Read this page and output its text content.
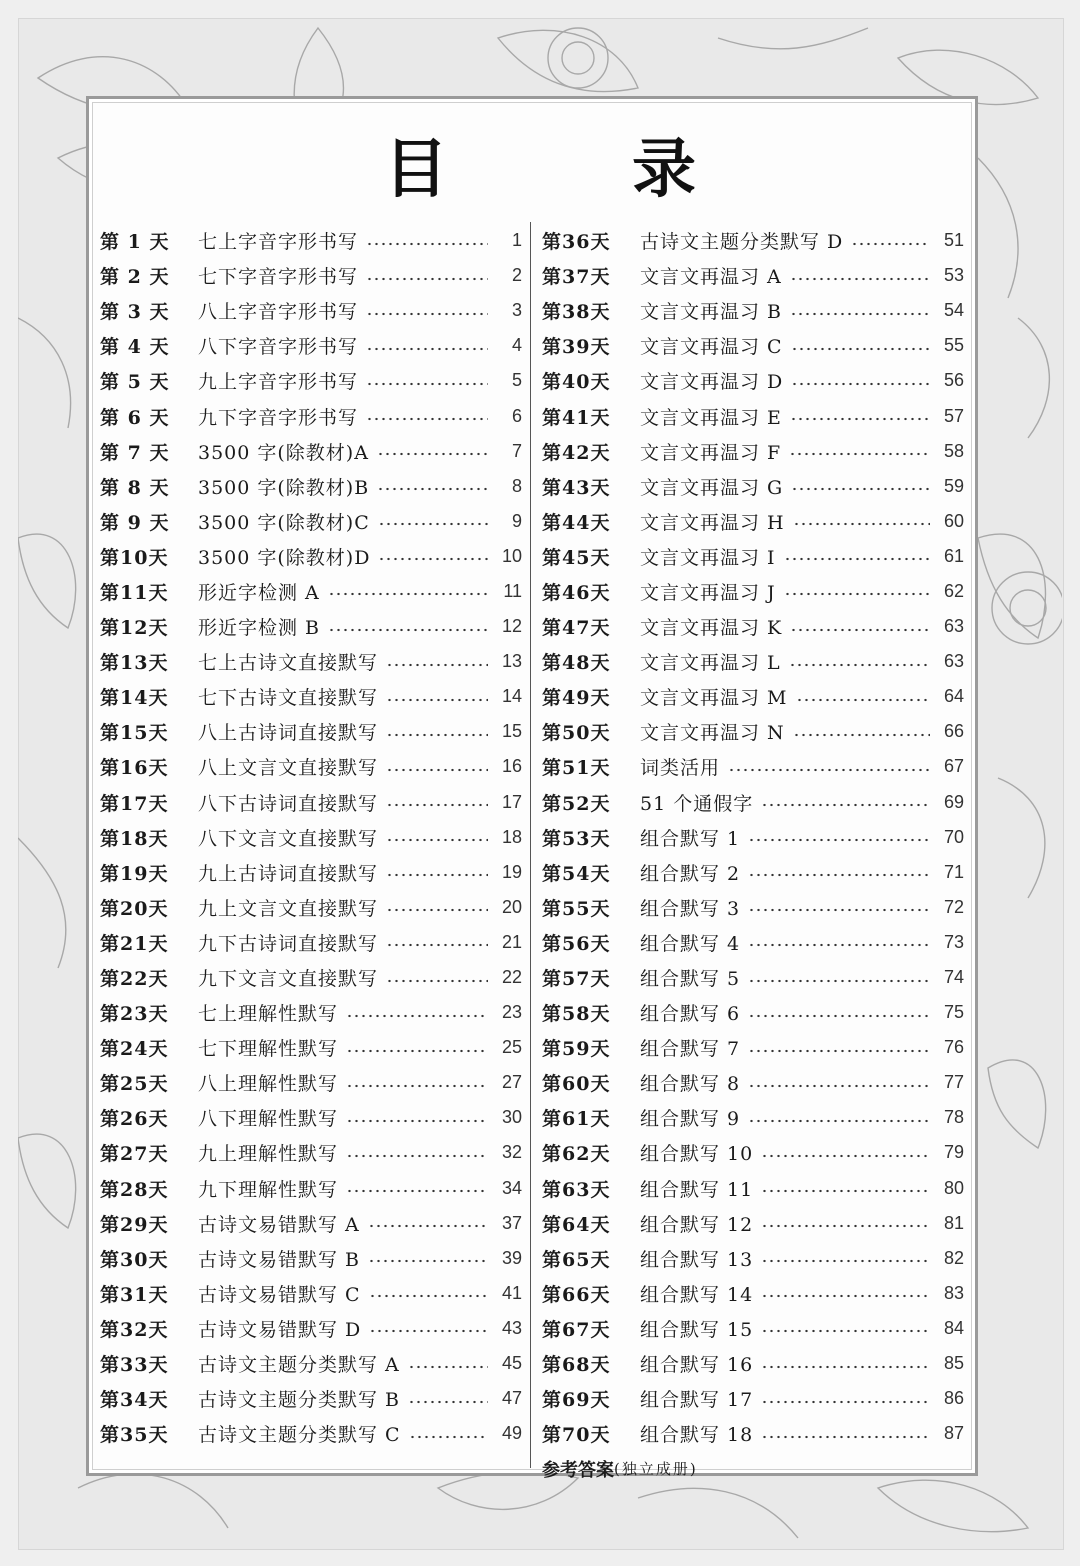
目　录
第 1 天	七上字音字形书写	1
第 2 天	七下字音字形书写	2
第 3 天	八上字音字形书写	3
第 4 天	八下字音字形书写	4
第 5 天	九上字音字形书写	5
第 6 天	九下字音字形书写	6
第 7 天	3500 字(除教材)A	7
第 8 天	3500 字(除教材)B	8
第 9 天	3500 字(除教材)C	9
第10天	3500 字(除教材)D	10
第11天	形近字检测 A	11
第12天	形近字检测 B	12
第13天	七上古诗文直接默写	13
第14天	七下古诗文直接默写	14
第15天	八上古诗词直接默写	15
第16天	八上文言文直接默写	16
第17天	八下古诗词直接默写	17
第18天	八下文言文直接默写	18
第19天	九上古诗词直接默写	19
第20天	九上文言文直接默写	20
第21天	九下古诗词直接默写	21
第22天	九下文言文直接默写	22
第23天	七上理解性默写	23
第24天	七下理解性默写	25
第25天	八上理解性默写	27
第26天	八下理解性默写	30
第27天	九上理解性默写	32
第28天	九下理解性默写	34
第29天	古诗文易错默写 A	37
第30天	古诗文易错默写 B	39
第31天	古诗文易错默写 C	41
第32天	古诗文易错默写 D	43
第33天	古诗文主题分类默写 A	45
第34天	古诗文主题分类默写 B	47
第35天	古诗文主题分类默写 C	49
第36天	古诗文主题分类默写 D	51
第37天	文言文再温习 A	53
第38天	文言文再温习 B	54
第39天	文言文再温习 C	55
第40天	文言文再温习 D	56
第41天	文言文再温习 E	57
第42天	文言文再温习 F	58
第43天	文言文再温习 G	59
第44天	文言文再温习 H	60
第45天	文言文再温习 I	61
第46天	文言文再温习 J	62
第47天	文言文再温习 K	63
第48天	文言文再温习 L	63
第49天	文言文再温习 M	64
第50天	文言文再温习 N	66
第51天	词类活用	67
第52天	51 个通假字	69
第53天	组合默写 1	70
第54天	组合默写 2	71
第55天	组合默写 3	72
第56天	组合默写 4	73
第57天	组合默写 5	74
第58天	组合默写 6	75
第59天	组合默写 7	76
第60天	组合默写 8	77
第61天	组合默写 9	78
第62天	组合默写 10	79
第63天	组合默写 11	80
第64天	组合默写 12	81
第65天	组合默写 13	82
第66天	组合默写 14	83
第67天	组合默写 15	84
第68天	组合默写 16	85
第69天	组合默写 17	86
第70天	组合默写 18	87
参考答案 (独立成册)
